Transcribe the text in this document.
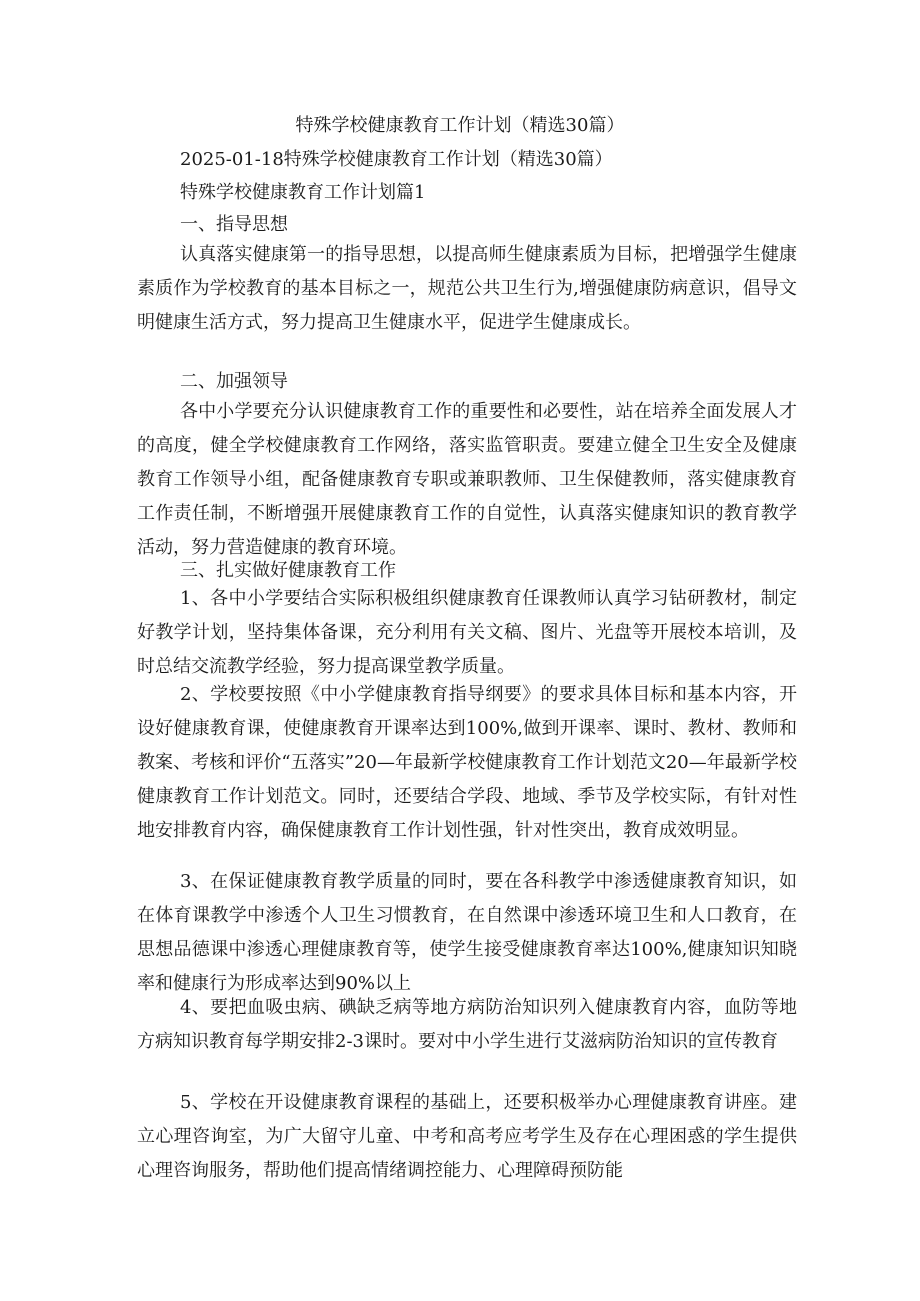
特殊学校健康教育工作计划（精选30篇）

2025-01-18特殊学校健康教育工作计划（精选30篇）

特殊学校健康教育工作计划篇1

一、指导思想

认真落实健康第一的指导思想，以提高师生健康素质为目标，把增强学生健康素质作为学校教育的基本目标之一，规范公共卫生行为,增强健康防病意识，倡导文明健康生活方式，努力提高卫生健康水平，促进学生健康成长。

二、加强领导

各中小学要充分认识健康教育工作的重要性和必要性，站在培养全面发展人才的高度，健全学校健康教育工作网络，落实监管职责。要建立健全卫生安全及健康教育工作领导小组，配备健康教育专职或兼职教师、卫生保健教师，落实健康教育工作责任制，不断增强开展健康教育工作的自觉性，认真落实健康知识的教育教学活动，努力营造健康的教育环境。

三、扎实做好健康教育工作

1、各中小学要结合实际积极组织健康教育任课教师认真学习钻研教材，制定好教学计划，坚持集体备课，充分利用有关文稿、图片、光盘等开展校本培训，及时总结交流教学经验，努力提高课堂教学质量。

2、学校要按照《中小学健康教育指导纲要》的要求具体目标和基本内容，开设好健康教育课，使健康教育开课率达到100%,做到开课率、课时、教材、教师和教案、考核和评价“五落实”20—年最新学校健康教育工作计划范文20—年最新学校健康教育工作计划范文。同时，还要结合学段、地域、季节及学校实际，有针对性地安排教育内容，确保健康教育工作计划性强，针对性突出，教育成效明显。

3、在保证健康教育教学质量的同时，要在各科教学中渗透健康教育知识，如在体育课教学中渗透个人卫生习惯教育，在自然课中渗透环境卫生和人口教育，在思想品德课中渗透心理健康教育等，使学生接受健康教育率达100%,健康知识知晓率和健康行为形成率达到90%以上

4、要把血吸虫病、碘缺乏病等地方病防治知识列入健康教育内容，血防等地方病知识教育每学期安排2-3课时。要对中小学生进行艾滋病防治知识的宣传教育

5、学校在开设健康教育课程的基础上，还要积极举办心理健康教育讲座。建立心理咨询室，为广大留守儿童、中考和高考应考学生及存在心理困惑的学生提供心理咨询服务，帮助他们提高情绪调控能力、心理障碍预防能
